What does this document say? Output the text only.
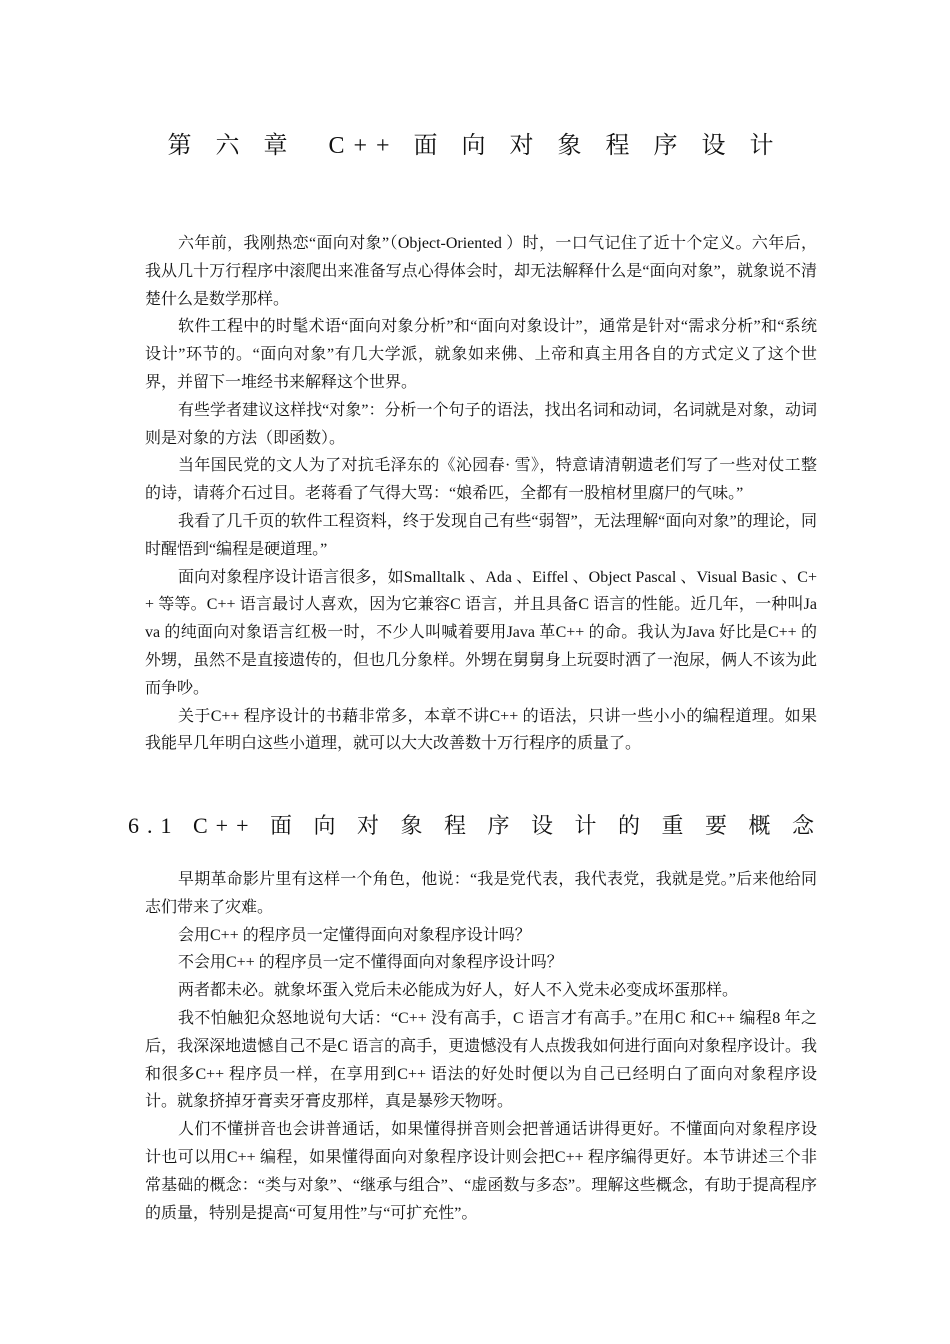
第 六 章 C++ 面 向 对 象 程 序 设 计

六年前，我刚热恋“面向对象”（Object-Oriented ）时，一口气记住了近十个定义。六年后，我从几十万行程序中滚爬出来准备写点心得体会时，却无法解释什么是“面向对象”，就象说不清楚什么是数学那样。

软件工程中的时髦术语“面向对象分析”和“面向对象设计”，通常是针对“需求分析”和“系统设计”环节的。“面向对象”有几大学派，就象如来佛、上帝和真主用各自的方式定义了这个世界，并留下一堆经书来解释这个世界。

有些学者建议这样找“对象”：分析一个句子的语法，找出名词和动词，名词就是对象，动词则是对象的方法（即函数）。

当年国民党的文人为了对抗毛泽东的《沁园春· 雪》，特意请清朝遗老们写了一些对仗工整的诗，请蒋介石过目。老蒋看了气得大骂：“娘希匹，全都有一股棺材里腐尸的气味。”

我看了几千页的软件工程资料，终于发现自己有些“弱智”，无法理解“面向对象”的理论，同时醒悟到“编程是硬道理。”

面向对象程序设计语言很多，如Smalltalk 、Ada 、Eiffel 、Object Pascal 、Visual Basic 、C++ 等等。C++ 语言最讨人喜欢，因为它兼容C 语言，并且具备C 语言的性能。近几年，一种叫Java 的纯面向对象语言红极一时，不少人叫喊着要用Java 革C++ 的命。我认为Java 好比是C++ 的外甥，虽然不是直接遗传的，但也几分象样。外甥在舅舅身上玩耍时洒了一泡尿，俩人不该为此而争吵。

关于C++ 程序设计的书藉非常多，本章不讲C++ 的语法，只讲一些小小的编程道理。如果我能早几年明白这些小道理，就可以大大改善数十万行程序的质量了。

6.1 C++ 面 向 对 象 程 序 设 计 的 重 要 概 念

早期革命影片里有这样一个角色，他说：“我是党代表，我代表党，我就是党。”后来他给同志们带来了灾难。

会用C++ 的程序员一定懂得面向对象程序设计吗？

不会用C++ 的程序员一定不懂得面向对象程序设计吗？

两者都未必。就象坏蛋入党后未必能成为好人，好人不入党未必变成坏蛋那样。

我不怕触犯众怒地说句大话：“C++ 没有高手，C 语言才有高手。”在用C 和C++ 编程8 年之后，我深深地遗憾自己不是C 语言的高手，更遗憾没有人点拨我如何进行面向对象程序设计。我和很多C++ 程序员一样，在享用到C++ 语法的好处时便以为自己已经明白了面向对象程序设计。就象挤掉牙膏卖牙膏皮那样，真是暴殄天物呀。

人们不懂拼音也会讲普通话，如果懂得拼音则会把普通话讲得更好。不懂面向对象程序设计也可以用C++ 编程，如果懂得面向对象程序设计则会把C++ 程序编得更好。本节讲述三个非常基础的概念：“类与对象”、“继承与组合”、“虚函数与多态”。理解这些概念，有助于提高程序的质量，特别是提高“可复用性”与“可扩充性”。
